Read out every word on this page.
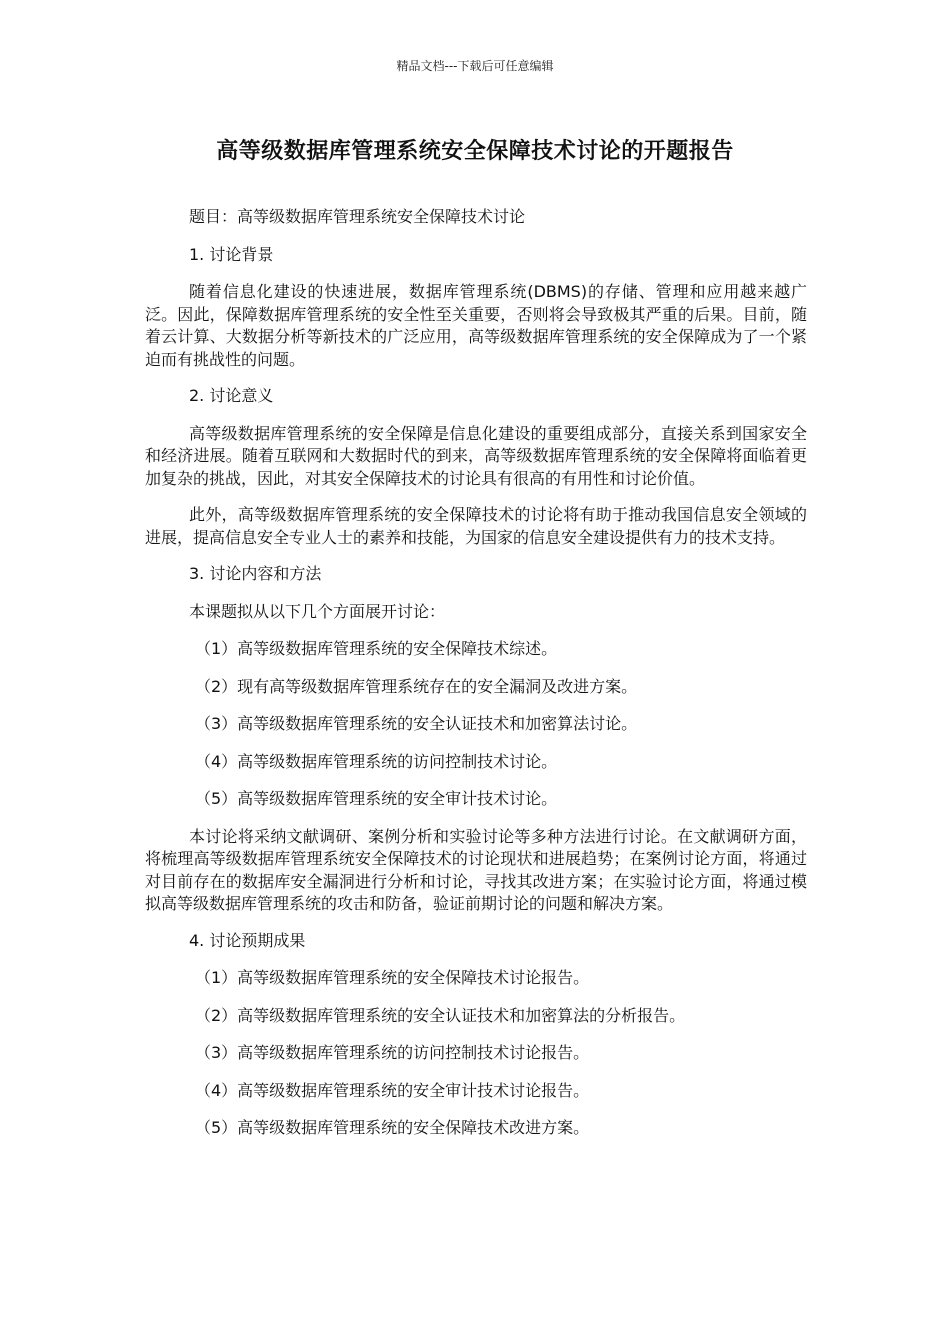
精品文档---下载后可任意编辑
高等级数据库管理系统安全保障技术讨论的开题报告

题目：高等级数据库管理系统安全保障技术讨论

1. 讨论背景

随着信息化建设的快速进展，数据库管理系统(DBMS)的存储、管理和应用越来越广泛。因此，保障数据库管理系统的安全性至关重要，否则将会导致极其严重的后果。目前，随着云计算、大数据分析等新技术的广泛应用，高等级数据库管理系统的安全保障成为了一个紧迫而有挑战性的问题。

2. 讨论意义

高等级数据库管理系统的安全保障是信息化建设的重要组成部分，直接关系到国家安全和经济进展。随着互联网和大数据时代的到来，高等级数据库管理系统的安全保障将面临着更加复杂的挑战，因此，对其安全保障技术的讨论具有很高的有用性和讨论价值。

此外，高等级数据库管理系统的安全保障技术的讨论将有助于推动我国信息安全领域的进展，提高信息安全专业人士的素养和技能，为国家的信息安全建设提供有力的技术支持。

3. 讨论内容和方法

本课题拟从以下几个方面展开讨论：

（1）高等级数据库管理系统的安全保障技术综述。

（2）现有高等级数据库管理系统存在的安全漏洞及改进方案。

（3）高等级数据库管理系统的安全认证技术和加密算法讨论。

（4）高等级数据库管理系统的访问控制技术讨论。

（5）高等级数据库管理系统的安全审计技术讨论。

本讨论将采纳文献调研、案例分析和实验讨论等多种方法进行讨论。在文献调研方面，将梳理高等级数据库管理系统安全保障技术的讨论现状和进展趋势；在案例讨论方面，将通过对目前存在的数据库安全漏洞进行分析和讨论，寻找其改进方案；在实验讨论方面，将通过模拟高等级数据库管理系统的攻击和防备，验证前期讨论的问题和解决方案。

4. 讨论预期成果

（1）高等级数据库管理系统的安全保障技术讨论报告。

（2）高等级数据库管理系统的安全认证技术和加密算法的分析报告。

（3）高等级数据库管理系统的访问控制技术讨论报告。

（4）高等级数据库管理系统的安全审计技术讨论报告。

（5）高等级数据库管理系统的安全保障技术改进方案。
